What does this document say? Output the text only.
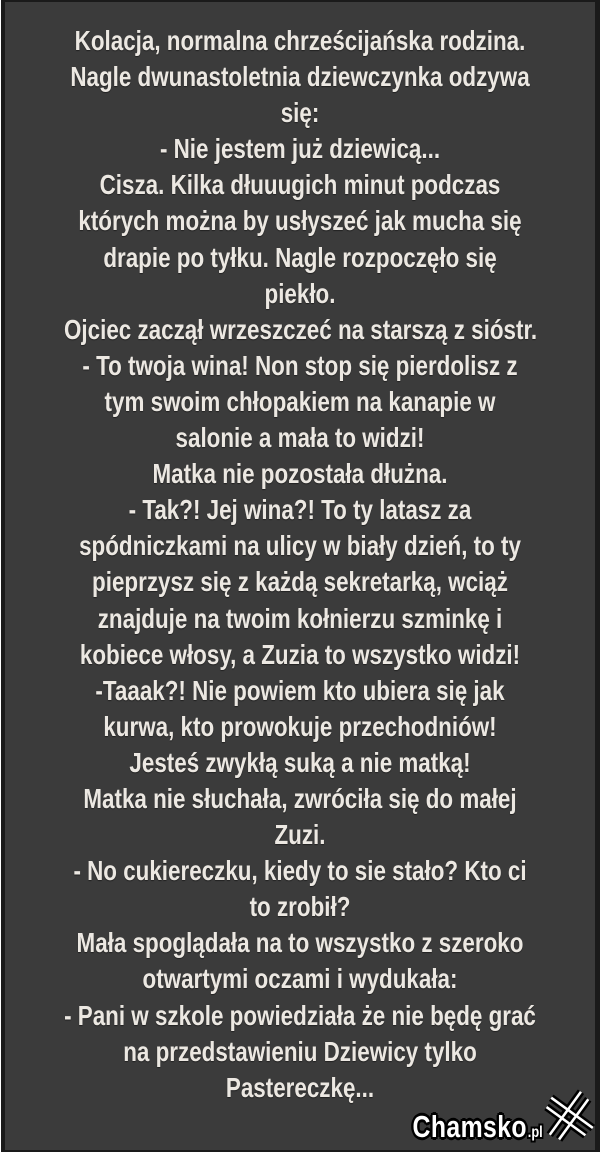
Kolacja, normalna chrześcijańska rodzina.
Nagle dwunastoletnia dziewczynka odzywa
się:
- Nie jestem już dziewicą...
Cisza. Kilka dłuuugich minut podczas
których można by usłyszeć jak mucha się
drapie po tyłku. Nagle rozpoczęło się
piekło.
Ojciec zaczął wrzeszczeć na starszą z sióstr.
- To twoja wina! Non stop się pierdolisz z
tym swoim chłopakiem na kanapie w
salonie a mała to widzi!
Matka nie pozostała dłużna.
- Tak?! Jej wina?! To ty latasz za
spódniczkami na ulicy w biały dzień, to ty
pieprzysz się z każdą sekretarką, wciąż
znajduje na twoim kołnierzu szminkę i
kobiece włosy, a Zuzia to wszystko widzi!
-Taaak?! Nie powiem kto ubiera się jak
kurwa, kto prowokuje przechodniów!
Jesteś zwykłą suką a nie matką!
Matka nie słuchała, zwróciła się do małej
Zuzi.
- No cukiereczku, kiedy to sie stało? Kto ci
to zrobił?
Mała spoglądała na to wszystko z szeroko
otwartymi oczami i wydukała:
- Pani w szkole powiedziała że nie będę grać
na przedstawieniu Dziewicy tylko
Pastereczkę...
Chamsko .pl
